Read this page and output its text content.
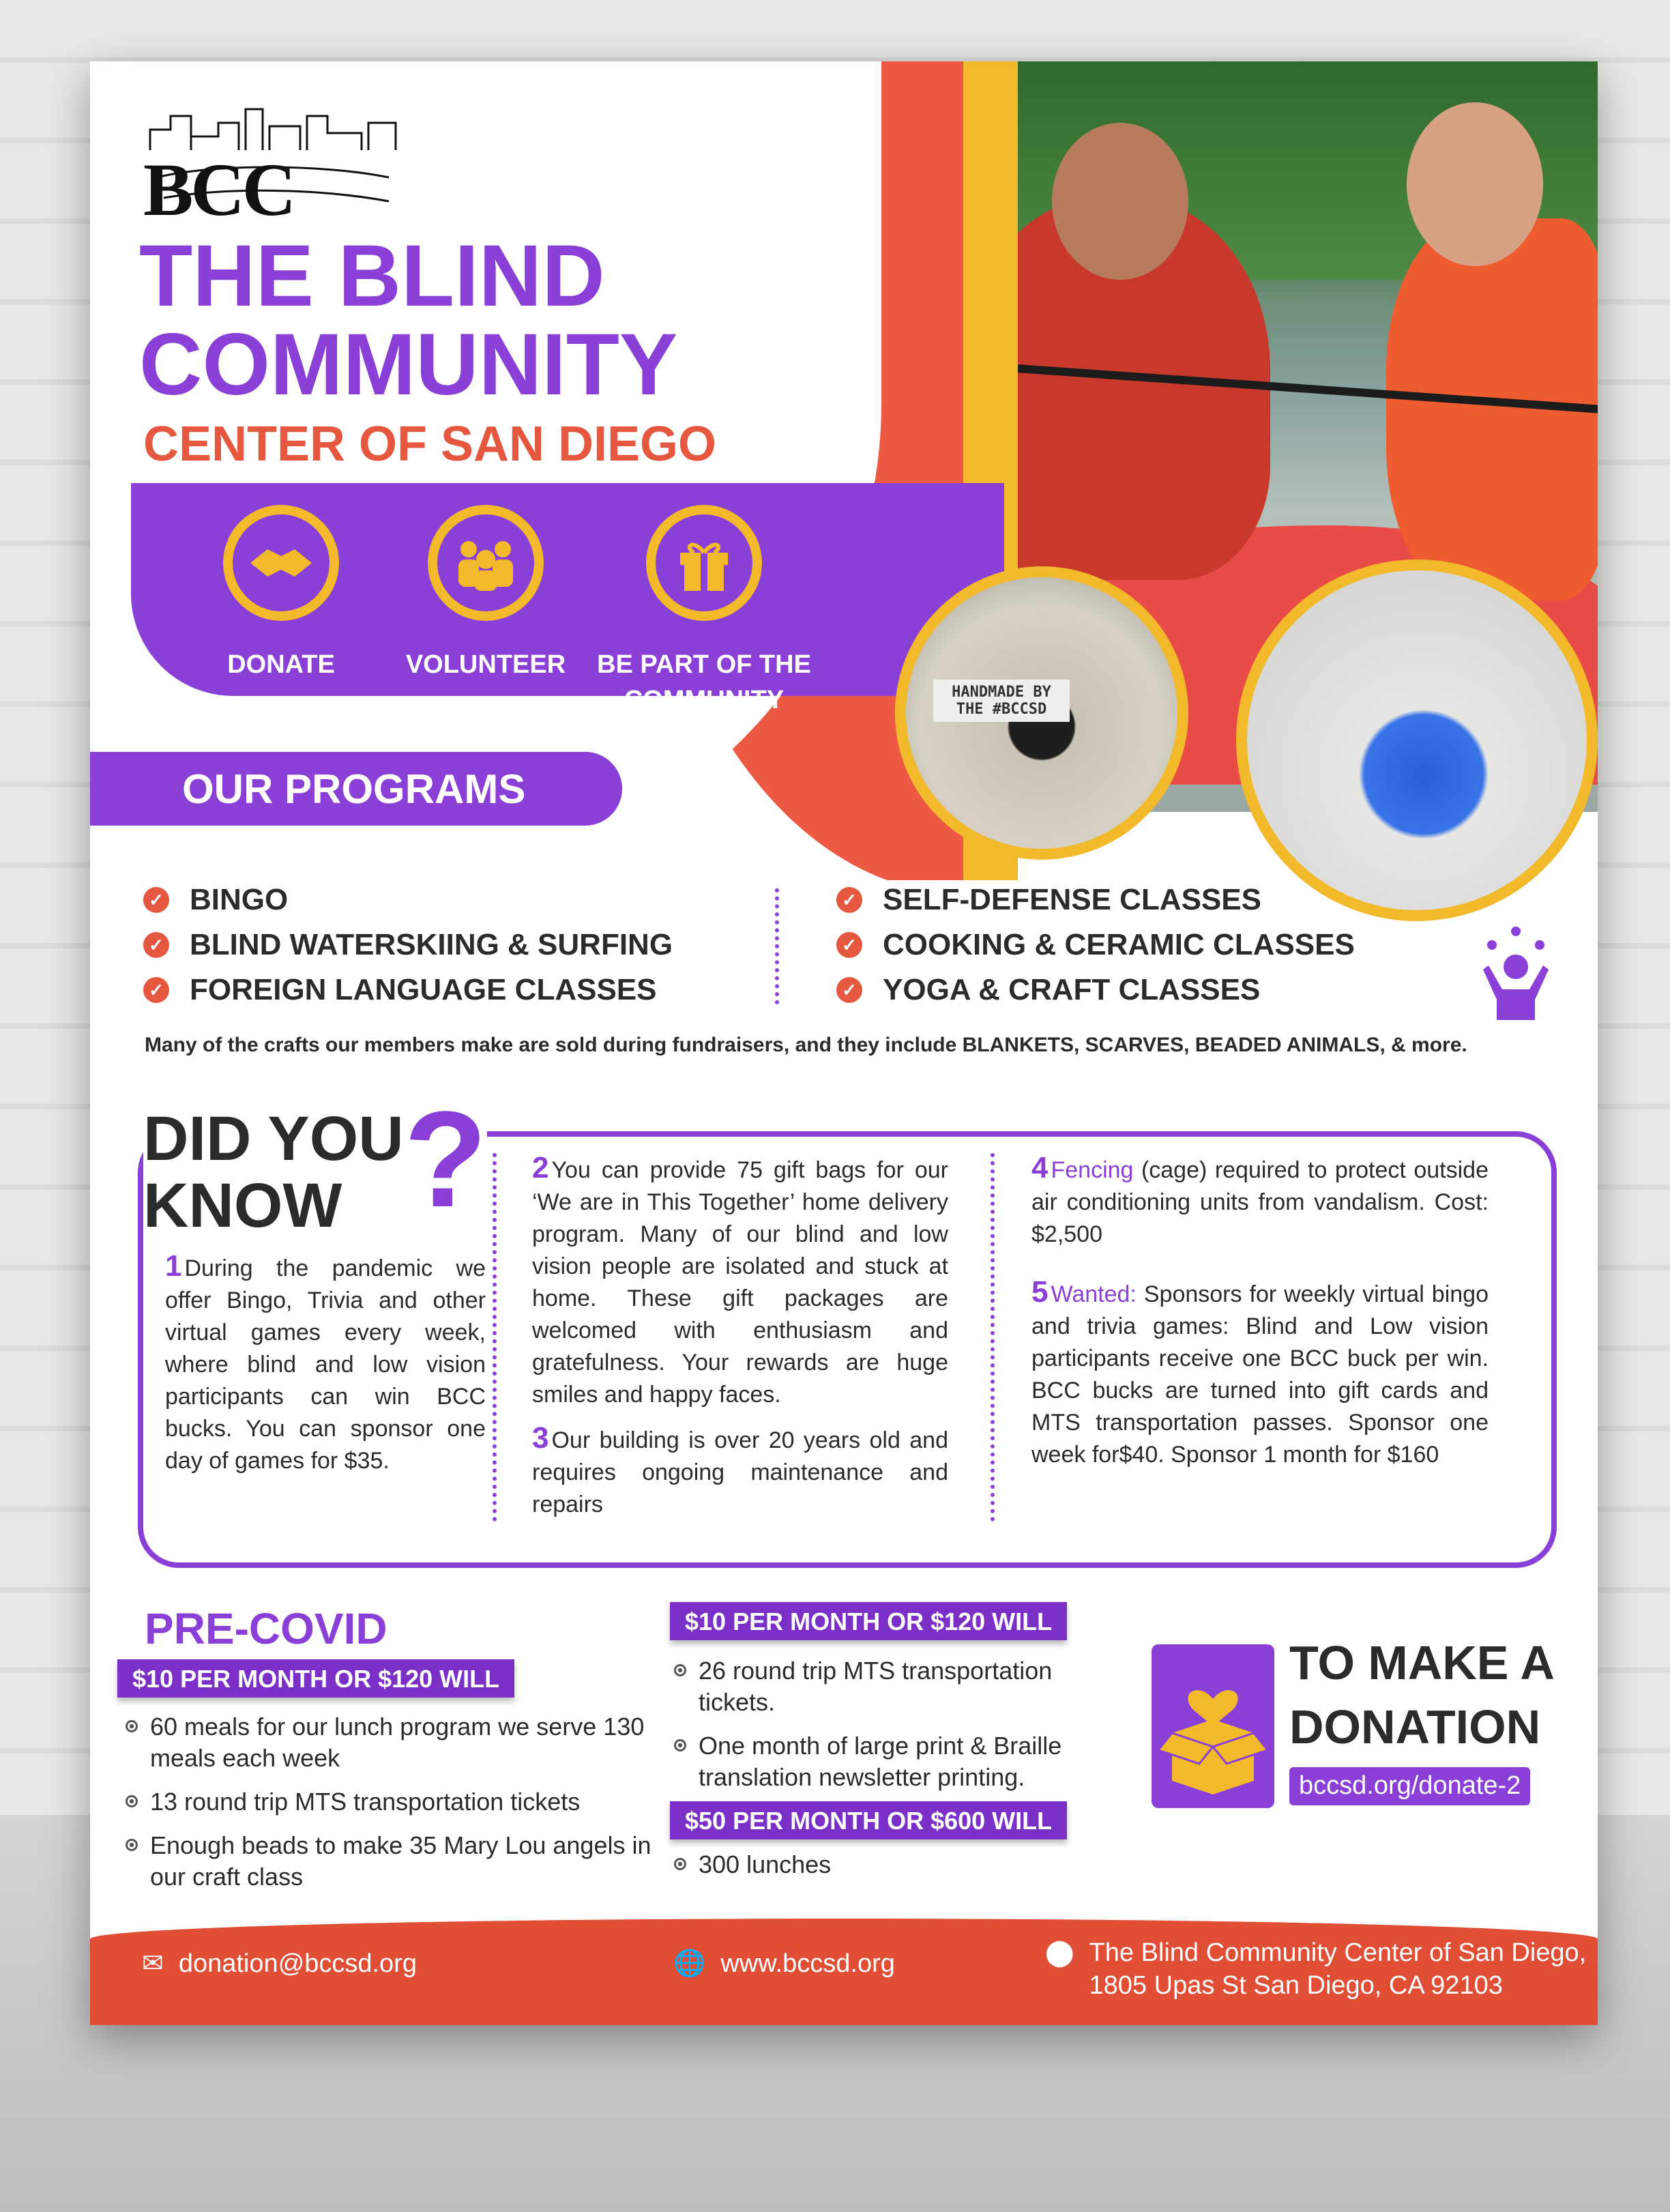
BCC
THE BLIND
COMMUNITY
CENTER OF SAN DIEGO
DONATE	VOLUNTEER	BE PART OF THE COMMUNITY	HANDMADE BY THE #BCCSD
OUR PROGRAMS
✓ BINGO
✓ BLIND WATERSKIING & SURFING
✓ FOREIGN LANGUAGE CLASSES
✓ SELF-DEFENSE CLASSES
✓ COOKING & CERAMIC CLASSES
✓ YOGA & CRAFT CLASSES
Many of the crafts our members make are sold during fundraisers, and they include BLANKETS, SCARVES, BEADED ANIMALS, & more.
DID YOU
KNOW ?
1 During the pandemic we offer Bingo, Trivia and other virtual games every week, where blind and low vision participants can win BCC bucks. You can sponsor one day of games for $35.
2 You can provide 75 gift bags for our ‘We are in This Together’ home delivery program. Many of our blind and low vision people are isolated and stuck at home. These gift packages are welcomed with enthusiasm and gratefulness. Your rewards are huge smiles and happy faces.
3 Our building is over 20 years old and requires ongoing maintenance and repairs
4 Fencing (cage) required to protect outside air conditioning units from vandalism. Cost: $2,500
5 Wanted: Sponsors for weekly virtual bingo and trivia games: Blind and Low vision participants receive one BCC buck per win. BCC bucks are turned into gift cards and MTS transportation passes. Sponsor one week for$40. Sponsor 1 month for $160
PRE-COVID
$10 PER MONTH OR $120 WILL
60 meals for our lunch program we serve 130 meals each week
13 round trip MTS transportation tickets
Enough beads to make 35 Mary Lou angels in our craft class
$10 PER MONTH OR $120 WILL
26 round trip MTS transportation tickets.
One month of large print & Braille translation newsletter printing.
$50 PER MONTH OR $600 WILL
300 lunches
TO MAKE A
DONATION
bccsd.org/donate-2
✉ donation@bccsd.org	🌐 www.bccsd.org	⬤ The Blind Community Center of San Diego,
1805 Upas St San Diego, CA 92103
